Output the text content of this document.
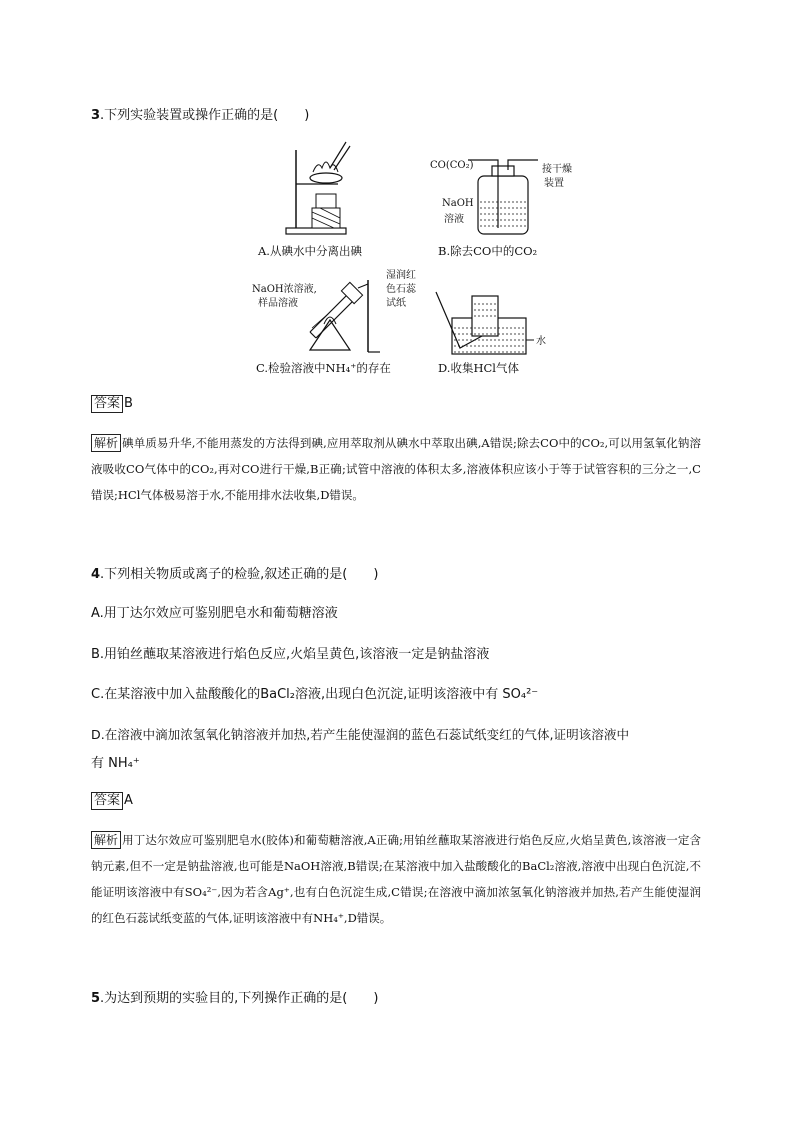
3.下列实验装置或操作正确的是(　　)
A.从碘水中分离出碘
CO(CO₂)	接干燥
装置
NaOH
溶液
B.除去CO中的CO₂
NaOH浓溶液,
样品溶液
湿润红
色石蕊
试纸
C.检验溶液中NH₄⁺的存在
水
D.收集HCl气体
答案 B
解析 碘单质易升华,不能用蒸发的方法得到碘,应用萃取剂从碘水中萃取出碘,A错误;除去CO中的CO₂,可以用氢氧化钠溶液吸收CO气体中的CO₂,再对CO进行干燥,B正确;试管中溶液的体积太多,溶液体积应该小于等于试管容积的三分之一,C错误;HCl气体极易溶于水,不能用排水法收集,D错误。
4.下列相关物质或离子的检验,叙述正确的是(　　)
A.用丁达尔效应可鉴别肥皂水和葡萄糖溶液
B.用铂丝蘸取某溶液进行焰色反应,火焰呈黄色,该溶液一定是钠盐溶液
C.在某溶液中加入盐酸酸化的BaCl₂溶液,出现白色沉淀,证明该溶液中有 SO₄²⁻
D.在溶液中滴加浓氢氧化钠溶液并加热,若产生能使湿润的蓝色石蕊试纸变红的气体,证明该溶液中
有 NH₄⁺
答案 A
解析 用丁达尔效应可鉴别肥皂水(胶体)和葡萄糖溶液,A正确;用铂丝蘸取某溶液进行焰色反应,火焰呈黄色,该溶液一定含钠元素,但不一定是钠盐溶液,也可能是NaOH溶液,B错误;在某溶液中加入盐酸酸化的BaCl₂溶液,溶液中出现白色沉淀,不能证明该溶液中有SO₄²⁻,因为若含Ag⁺,也有白色沉淀生成,C错误;在溶液中滴加浓氢氧化钠溶液并加热,若产生能使湿润的红色石蕊试纸变蓝的气体,证明该溶液中有NH₄⁺,D错误。
5.为达到预期的实验目的,下列操作正确的是(　　)
